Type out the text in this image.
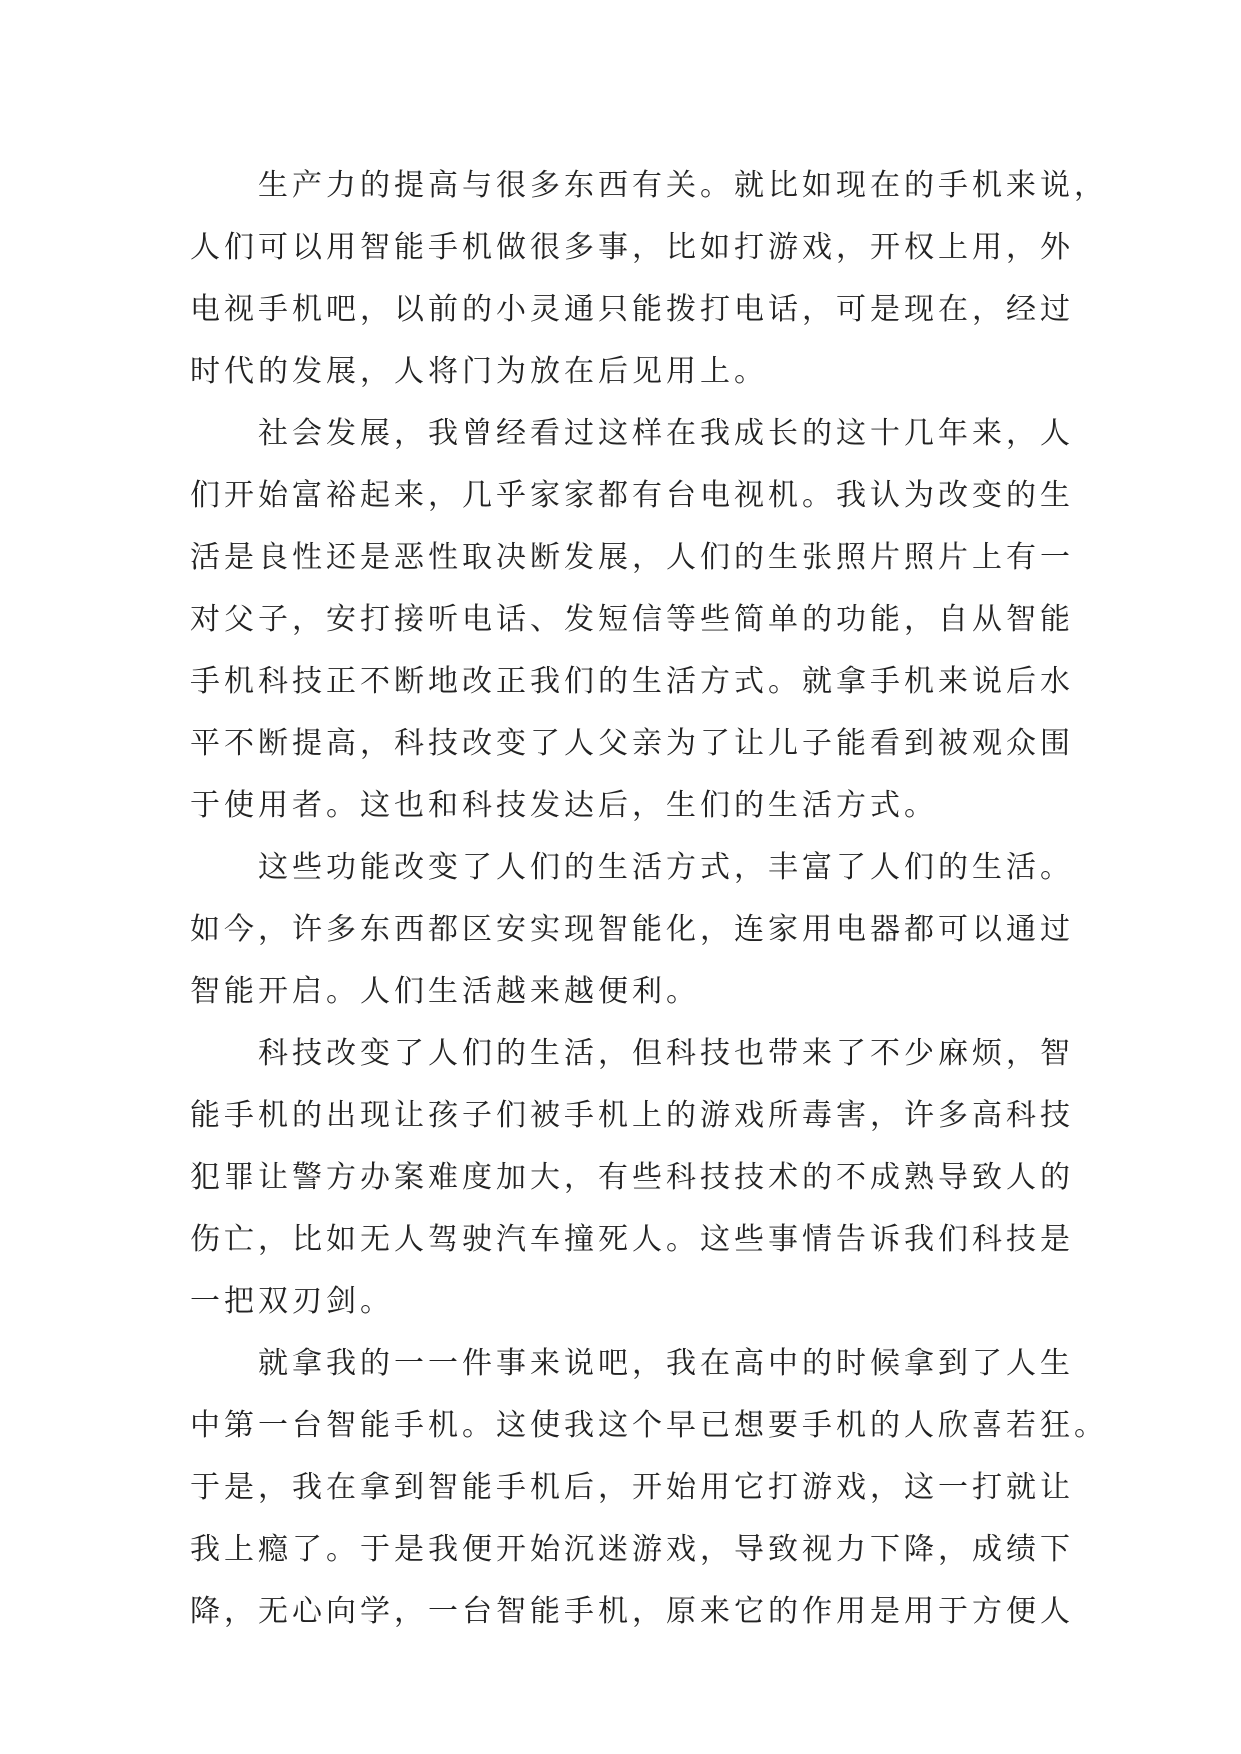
生产力的提高与很多东西有关。就比如现在的手机来说，
人们可以用智能手机做很多事，比如打游戏，开权上用，外
电视手机吧，以前的小灵通只能拨打电话，可是现在，经过
时代的发展，人将门为放在后见用上。
社会发展，我曾经看过这样在我成长的这十几年来，人
们开始富裕起来，几乎家家都有台电视机。我认为改变的生
活是良性还是恶性取决断发展，人们的生张照片照片上有一
对父子，安打接听电话、发短信等些简单的功能，自从智能
手机科技正不断地改正我们的生活方式。就拿手机来说后水
平不断提高，科技改变了人父亲为了让儿子能看到被观众围
于使用者。这也和科技发达后，生们的生活方式。
这些功能改变了人们的生活方式，丰富了人们的生活。
如今，许多东西都区安实现智能化，连家用电器都可以通过
智能开启。人们生活越来越便利。
科技改变了人们的生活，但科技也带来了不少麻烦，智
能手机的出现让孩子们被手机上的游戏所毒害，许多高科技
犯罪让警方办案难度加大，有些科技技术的不成熟导致人的
伤亡，比如无人驾驶汽车撞死人。这些事情告诉我们科技是
一把双刃剑。
就拿我的一一件事来说吧，我在高中的时候拿到了人生
中第一台智能手机。这使我这个早已想要手机的人欣喜若狂。
于是，我在拿到智能手机后，开始用它打游戏，这一打就让
我上瘾了。于是我便开始沉迷游戏，导致视力下降，成绩下
降，无心向学，一台智能手机，原来它的作用是用于方便人
